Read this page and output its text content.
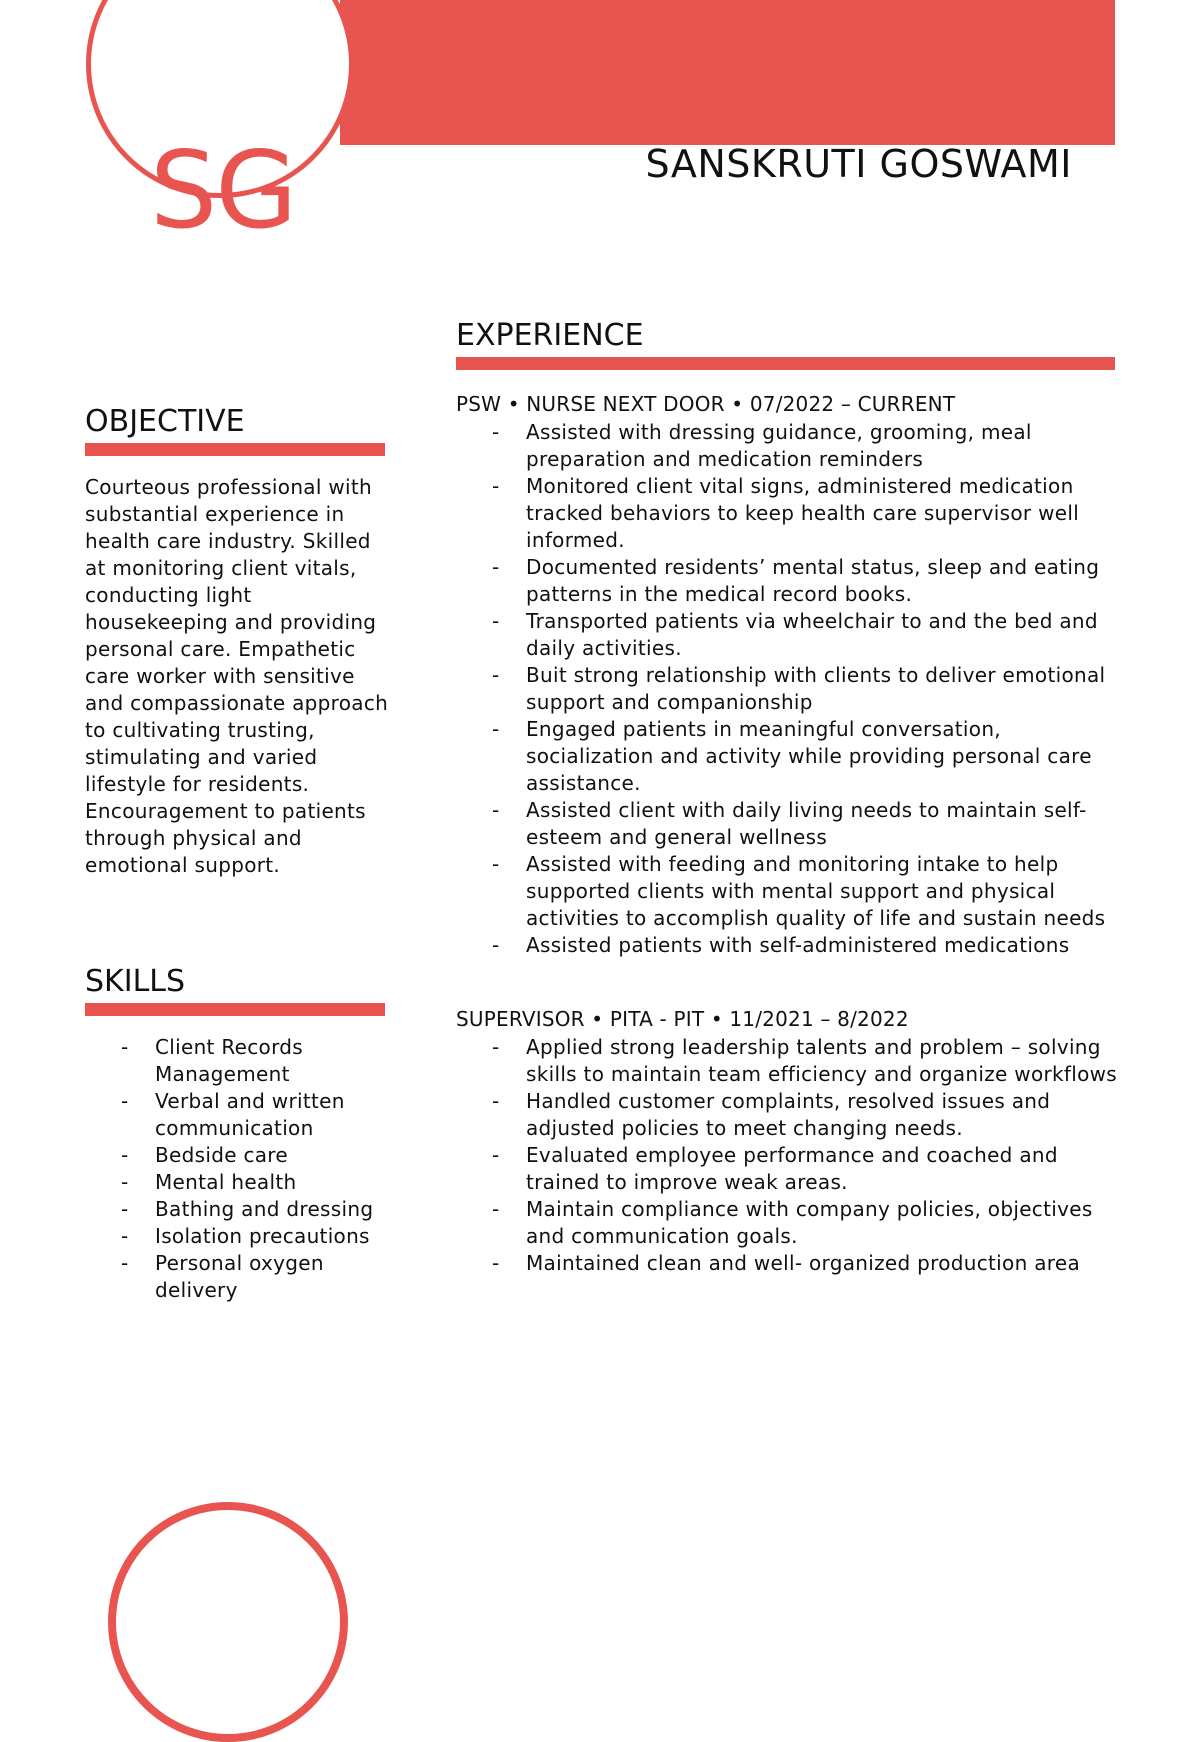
SG	SANSKRUTI GOSWAMI
OBJECTIVE

Courteous professional with substantial experience in health care industry. Skilled at monitoring client vitals, conducting light housekeeping and providing personal care. Empathetic care worker with sensitive and compassionate approach to cultivating trusting, stimulating and varied lifestyle for residents. Encouragement to patients through physical and emotional support.

SKILLS
- Client Records Management
- Verbal and written communication
- Bedside care
- Mental health
- Bathing and dressing
- Isolation precautions
- Personal oxygen delivery
EXPERIENCE
PSW • NURSE NEXT DOOR • 07/2022 – CURRENT
- Assisted with dressing guidance, grooming, meal preparation and medication reminders
- Monitored client vital signs, administered medication tracked behaviors to keep health care supervisor well informed.
- Documented residents’ mental status, sleep and eating patterns in the medical record books.
- Transported patients via wheelchair to and the bed and daily activities.
- Buit strong relationship with clients to deliver emotional support and companionship
- Engaged patients in meaningful conversation, socialization and activity while providing personal care assistance.
- Assisted client with daily living needs to maintain self-esteem and general wellness
- Assisted with feeding and monitoring intake to help supported clients with mental support and physical activities to accomplish quality of life and sustain needs
- Assisted patients with self-administered medications
SUPERVISOR • PITA - PIT • 11/2021 – 8/2022
- Applied strong leadership talents and problem – solving skills to maintain team efficiency and organize workflows
- Handled customer complaints, resolved issues and adjusted policies to meet changing needs.
- Evaluated employee performance and coached and trained to improve weak areas.
- Maintain compliance with company policies, objectives and communication goals.
- Maintained clean and well- organized production area
